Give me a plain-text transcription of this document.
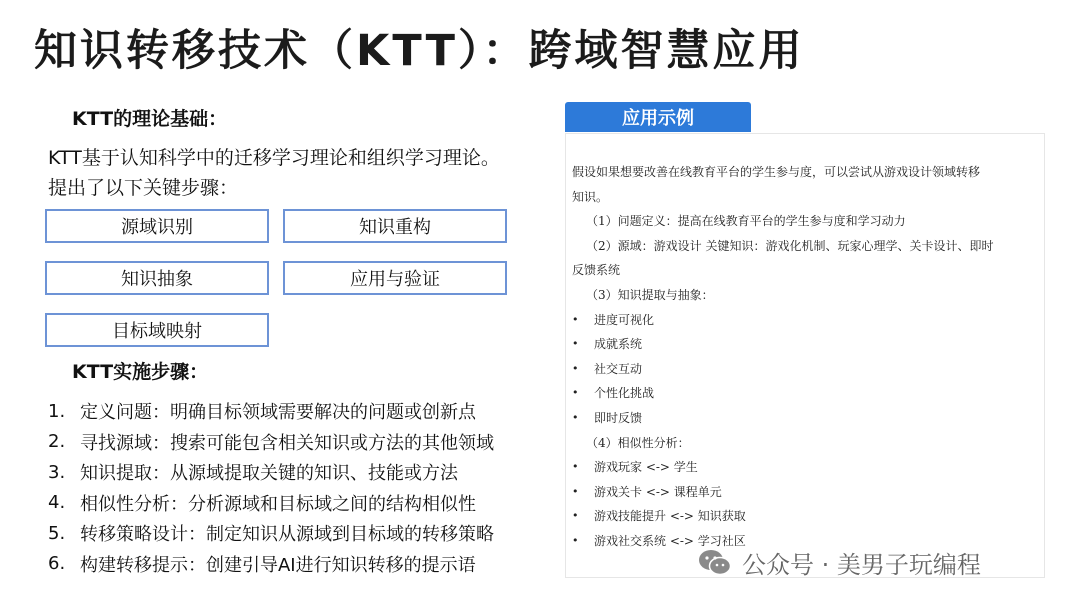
知识转移技术（KTT）：跨域智慧应用
KTT的理论基础：
KTT基于认知科学中的迁移学习理论和组织学习理论。
提出了以下关键步骤：
源域识别	知识重构
知识抽象	应用与验证
目标域映射
KTT实施步骤：
1. 定义问题：明确目标领域需要解决的问题或创新点
2. 寻找源域：搜索可能包含相关知识或方法的其他领域
3. 知识提取：从源域提取关键的知识、技能或方法
4. 相似性分析：分析源域和目标域之间的结构相似性
5. 转移策略设计：制定知识从源域到目标域的转移策略
6. 构建转移提示：创建引导AI进行知识转移的提示语
应用示例
假设如果想要改善在线教育平台的学生参与度，可以尝试从游戏设计领域转移
知识。
（1）问题定义：提高在线教育平台的学生参与度和学习动力
（2）源域：游戏设计 关键知识：游戏化机制、玩家心理学、关卡设计、即时
反馈系统
（3）知识提取与抽象：
•	进度可视化
•	成就系统
•	社交互动
•	个性化挑战
•	即时反馈
（4）相似性分析：
•	游戏玩家 <-> 学生
•	游戏关卡 <-> 课程单元
•	游戏技能提升 <-> 知识获取
•	游戏社交系统 <-> 学习社区
公众号 · 美男子玩编程
